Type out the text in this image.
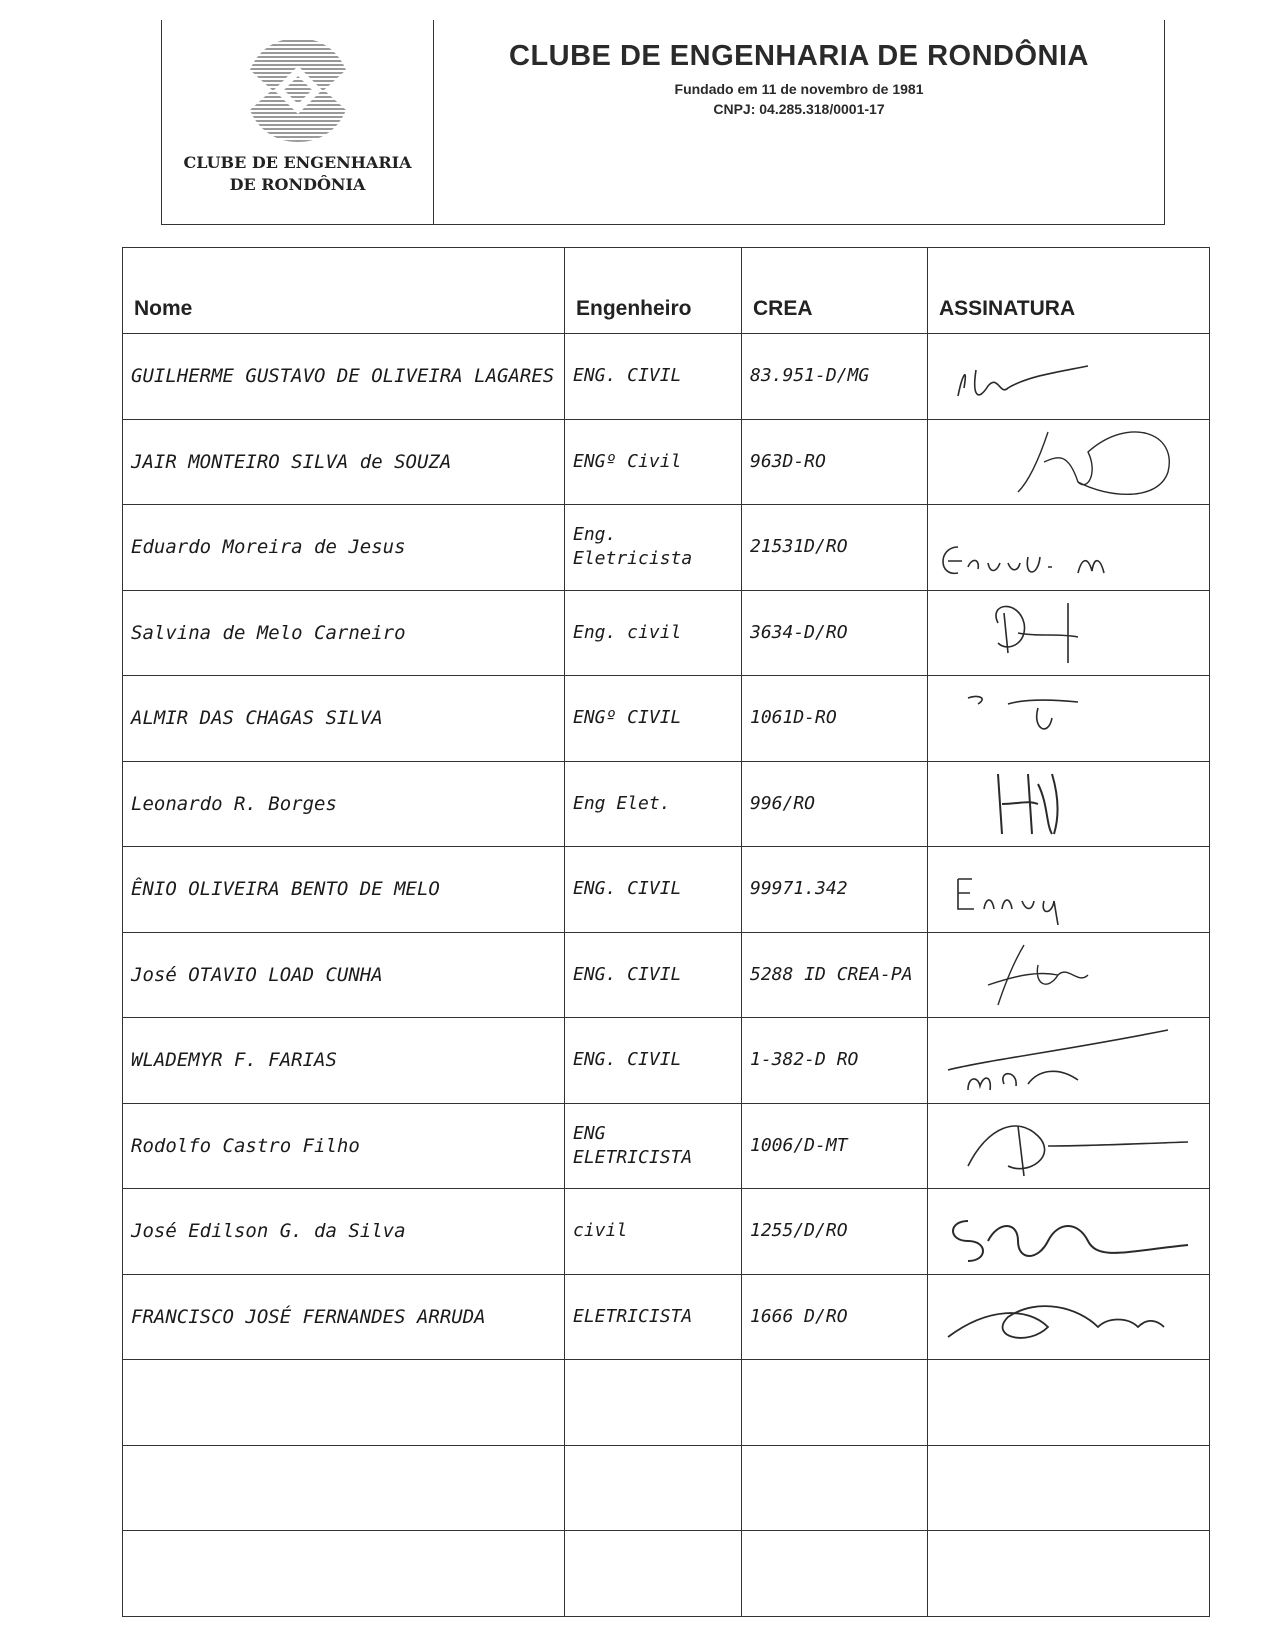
CLUBE DE ENGENHARIA
DE RONDÔNIA
CLUBE DE ENGENHARIA DE RONDÔNIA
Fundado em 11 de novembro de 1981
CNPJ: 04.285.318/0001-17
Nome	Engenheiro	CREA	ASSINATURA
GUILHERME GUSTAVO DE OLIVEIRA LAGARES	ENG. CIVIL	83.951-D/MG	

JAIR MONTEIRO SILVA de SOUZA	ENGº Civil	963D-RO	

Eduardo Moreira de Jesus	Eng. Eletricista	21531D/RO	

Salvina de Melo Carneiro	Eng. civil	3634-D/RO	

ALMIR DAS CHAGAS SILVA	ENGº CIVIL	1061D-RO	

Leonardo R. Borges	Eng Elet.	996/RO	

ÊNIO OLIVEIRA BENTO DE MELO	ENG. CIVIL	99971.342	

José OTAVIO LOAD CUNHA	ENG. CIVIL	5288 ID CREA-PA	

WLADEMYR F. FARIAS	ENG. CIVIL	1-382-D RO	

Rodolfo Castro Filho	ENG ELETRICISTA	1006/D-MT	

José Edilson G. da Silva	civil	1255/D/RO	

FRANCISCO JOSÉ FERNANDES ARRUDA	ELETRICISTA	1666 D/RO	
